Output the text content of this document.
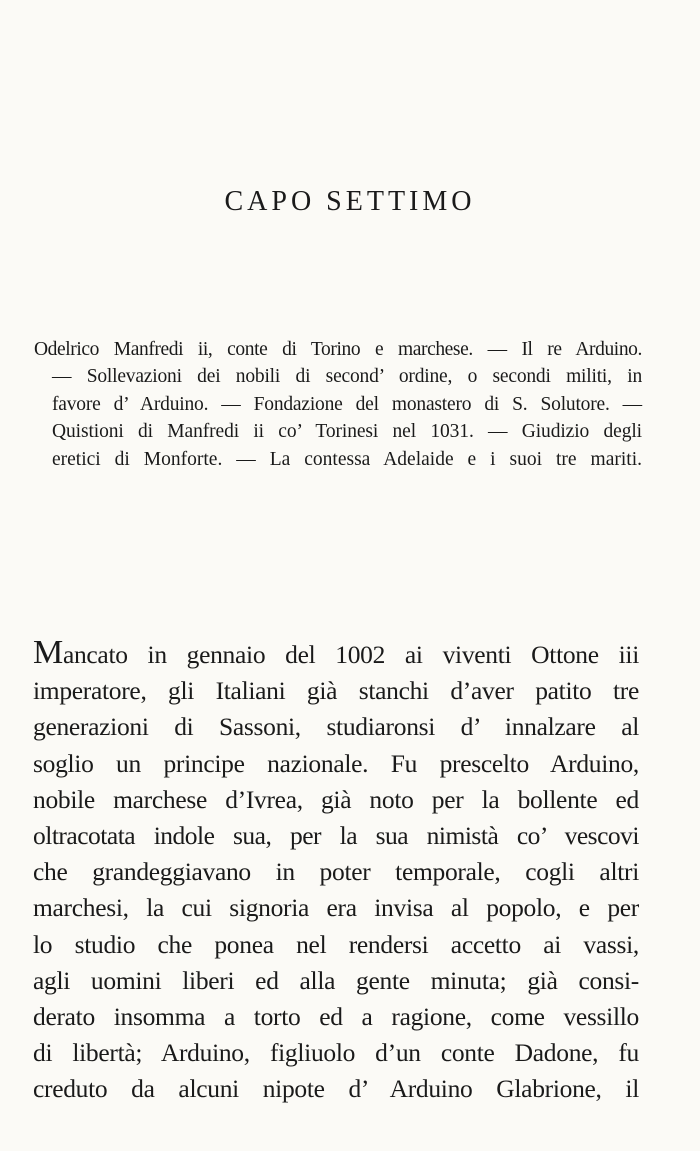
CAPO SETTIMO
Odelrico Manfredi ii, conte di Torino e marchese. — Il re Arduino.
— Sollevazioni dei nobili di second’ ordine, o secondi militi, in
favore d’ Arduino. — Fondazione del monastero di S. Solutore. —
Quistioni di Manfredi ii co’ Torinesi nel 1031. — Giudizio degli
eretici di Monforte. — La contessa Adelaide e i suoi tre mariti.
Mancato in gennaio del 1002 ai viventi Ottone iii
imperatore, gli Italiani già stanchi d’aver patito tre
generazioni di Sassoni, studiaronsi d’ innalzare al
soglio un principe nazionale. Fu prescelto Arduino,
nobile marchese d’Ivrea, già noto per la bollente ed
oltracotata indole sua, per la sua nimistà co’ vescovi
che grandeggiavano in poter temporale, cogli altri
marchesi, la cui signoria era invisa al popolo, e per
lo studio che ponea nel rendersi accetto ai vassi,
agli uomini liberi ed alla gente minuta; già consi-
derato insomma a torto ed a ragione, come vessillo
di libertà; Arduino, figliuolo d’un conte Dadone, fu
creduto da alcuni nipote d’ Arduino Glabrione, il
